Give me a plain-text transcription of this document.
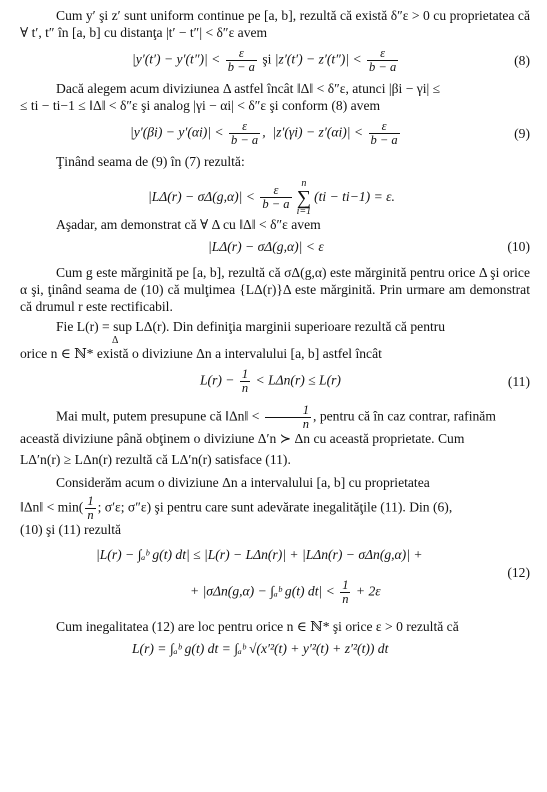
Cum y′ şi z′ sunt uniform continue pe [a, b], rezultă că există δ″ε > 0 cu proprietatea că ∀ t′, t″ în [a, b] cu distanţa |t′ − t″| < δ″ε avem

$|y'(t') - y'(t'')| < \frac{\varepsilon}{b - a}$ şi $|z'(t') - z'(t'')| < \frac{\varepsilon}{b - a}$	(8)

Dacă alegem acum diviziunea Δ astfel încât ‖Δ‖ < δ″ε, atunci |βi − γi| ≤

≤ ti − ti−1 ≤ ‖Δ‖ < δ″ε şi analog |γi − αi| < δ″ε şi conform (8) avem

$|y'(\beta i) - y'(\alpha i)| < \frac{\varepsilon}{b - a}$ ,  $|z'(\gamma i) - z'(\alpha i)| < \frac{\varepsilon}{b - a}$	(9)

Ţinând seama de (9) în (7) rezultă:

$|L\Delta(r) - \sigma\Delta(g,\alpha)| < \frac{\varepsilon}{b - a}$
n
∑
i=1(ti − ti−1) = ε.

Aşadar, am demonstrat că ∀ Δ cu ‖Δ‖ < δ″ε avem

|LΔ(r) − σΔ(g,α)| < ε	(10)

Cum g este mărginită pe [a, b], rezultă că σΔ(g,α) este mărginită pentru orice Δ şi orice α şi, ţinând seama de (10) că mulţimea {LΔ(r)}Δ este mărginită. Prin urmare am demonstrat că drumul r este rectificabil.

Fie L(r) = sup LΔ(r). Din definiţia marginii superioare rezultă că pentru

Δ

orice n ∈ ℕ* există o diviziune Δn a intervalului [a, b] astfel încât

$L(r) - \frac{1}{n} < L\Delta n(r) \le L(r)$	(11)

Mai mult, putem presupune că ‖Δn‖ < $\frac{1}{n}$ , pentru că în caz contrar, rafinăm

această diviziune până obţinem o diviziune Δ′n ≻ Δn cu această proprietate. Cum

LΔ′n(r) ≥ LΔn(r) rezultă că LΔ′n(r) satisface (11).

Considerăm acum o diviziune Δn a intervalului [a, b] cu proprietatea

‖Δn‖ < $\min( \frac{1}{n}$ ; σ′ε; σ″ε) şi pentru care sunt adevărate inegalităţile (11). Din (6),

(10) şi (11) rezultă

|L(r) − ∫ₐᵇ g(t) dt| ≤ |L(r) − LΔn(r)| + |LΔn(r) − σΔn(g,α)| +
+ |σΔn(g,α) − ∫ₐᵇ g(t) $dt| < \frac{1}{n} + 2\varepsilon$
(12)

Cum inegalitatea (12) are loc pentru orice n ∈ ℕ* şi orice ε > 0 rezultă că

L(r) = ∫ₐᵇ g(t) dt = ∫ₐᵇ √(x′²(t) + y′²(t) + z′²(t)) dt
